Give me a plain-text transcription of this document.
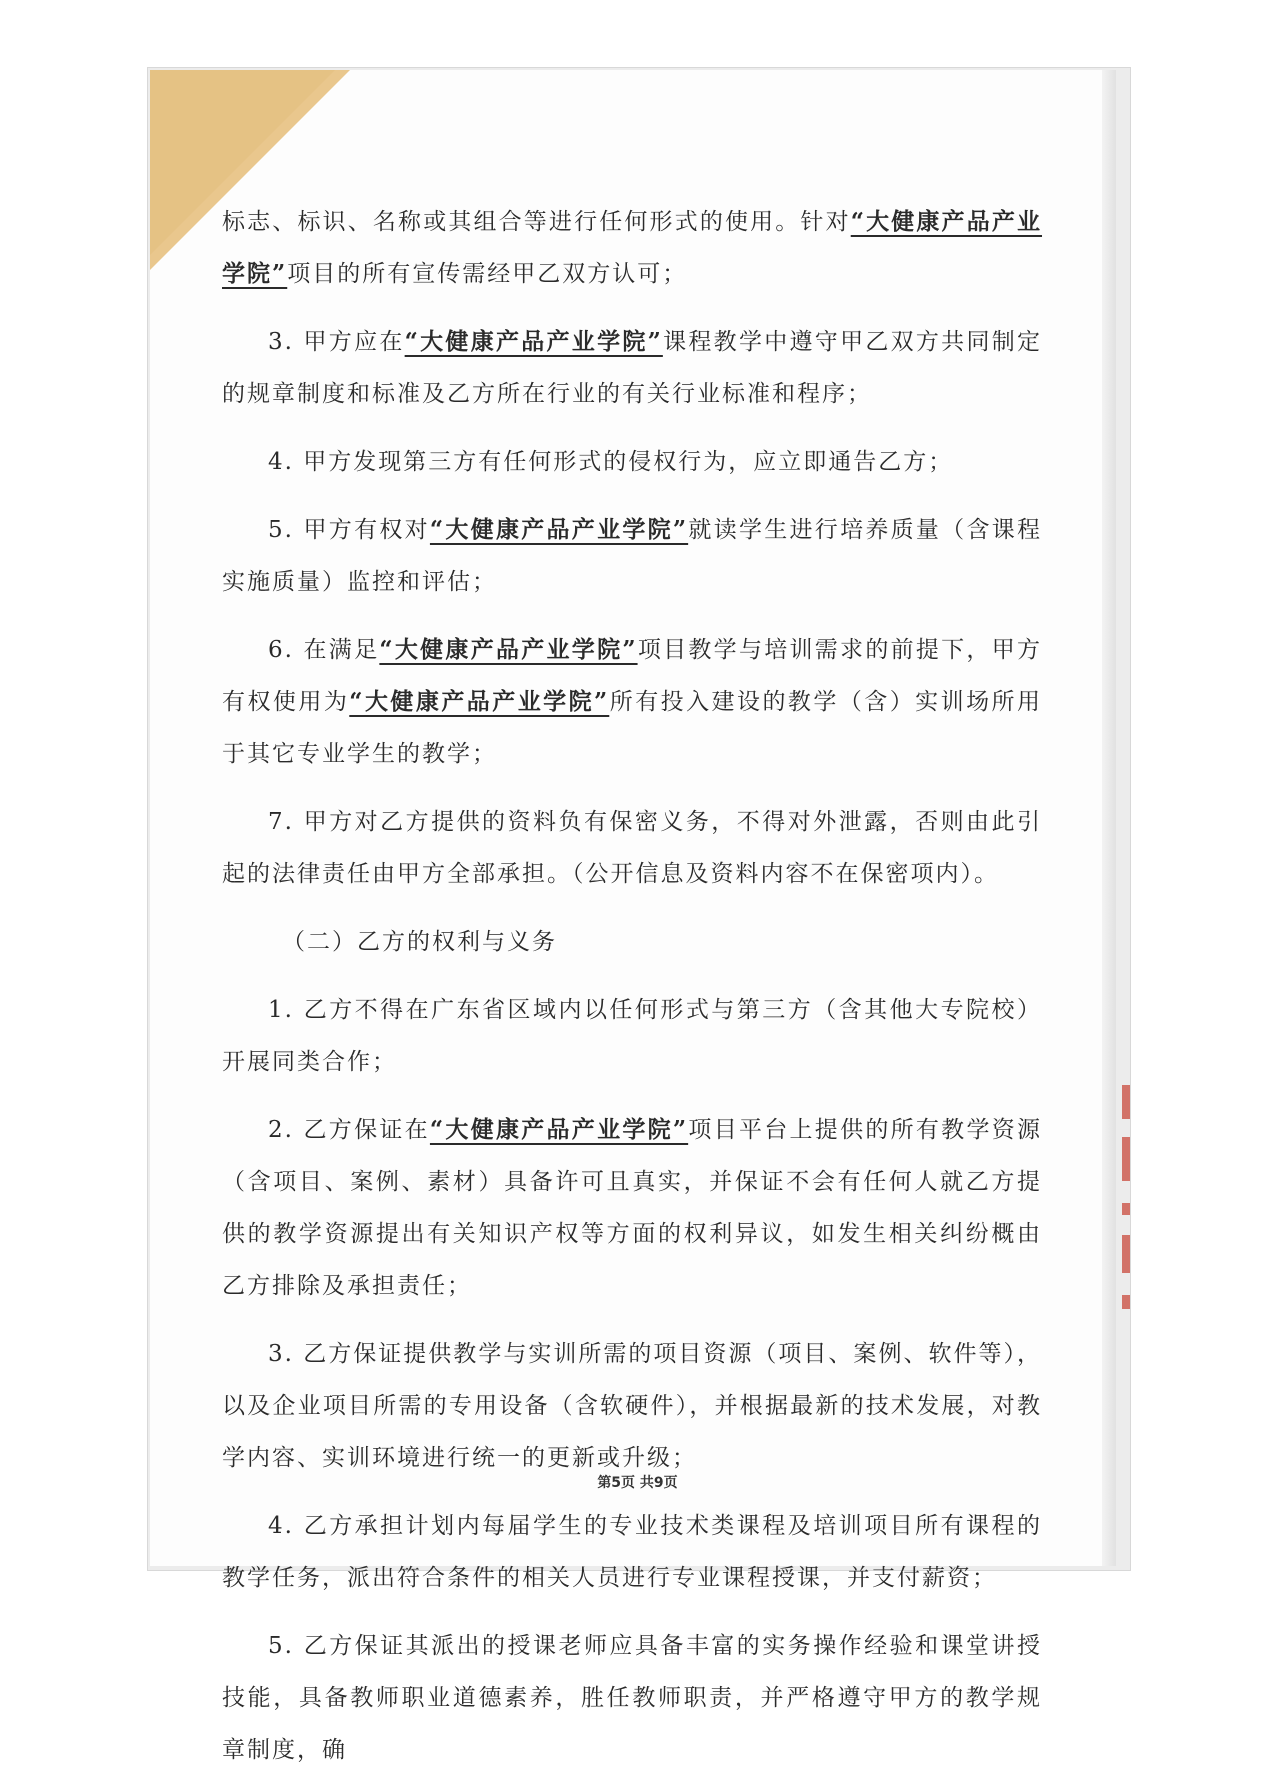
标志、标识、名称或其组合等进行任何形式的使用。针对“大健康产品产业学院”项目的所有宣传需经甲乙双方认可；

3. 甲方应在“大健康产品产业学院”课程教学中遵守甲乙双方共同制定的规章制度和标准及乙方所在行业的有关行业标准和程序；

4. 甲方发现第三方有任何形式的侵权行为，应立即通告乙方；

5. 甲方有权对“大健康产品产业学院”就读学生进行培养质量（含课程实施质量）监控和评估；

6. 在满足“大健康产品产业学院”项目教学与培训需求的前提下，甲方有权使用为“大健康产品产业学院”所有投入建设的教学（含）实训场所用于其它专业学生的教学；

7. 甲方对乙方提供的资料负有保密义务，不得对外泄露，否则由此引起的法律责任由甲方全部承担。（公开信息及资料内容不在保密项内）。

（二）乙方的权利与义务

1. 乙方不得在广东省区域内以任何形式与第三方（含其他大专院校）开展同类合作；

2. 乙方保证在“大健康产品产业学院”项目平台上提供的所有教学资源（含项目、案例、素材）具备许可且真实，并保证不会有任何人就乙方提供的教学资源提出有关知识产权等方面的权利异议，如发生相关纠纷概由乙方排除及承担责任；

3. 乙方保证提供教学与实训所需的项目资源（项目、案例、软件等），以及企业项目所需的专用设备（含软硬件），并根据最新的技术发展，对教学内容、实训环境进行统一的更新或升级；

4. 乙方承担计划内每届学生的专业技术类课程及培训项目所有课程的教学任务，派出符合条件的相关人员进行专业课程授课，并支付薪资；

5. 乙方保证其派出的授课老师应具备丰富的实务操作经验和课堂讲授技能，具备教师职业道德素养，胜任教师职责，并严格遵守甲方的教学规章制度，确

第5页 共9页
